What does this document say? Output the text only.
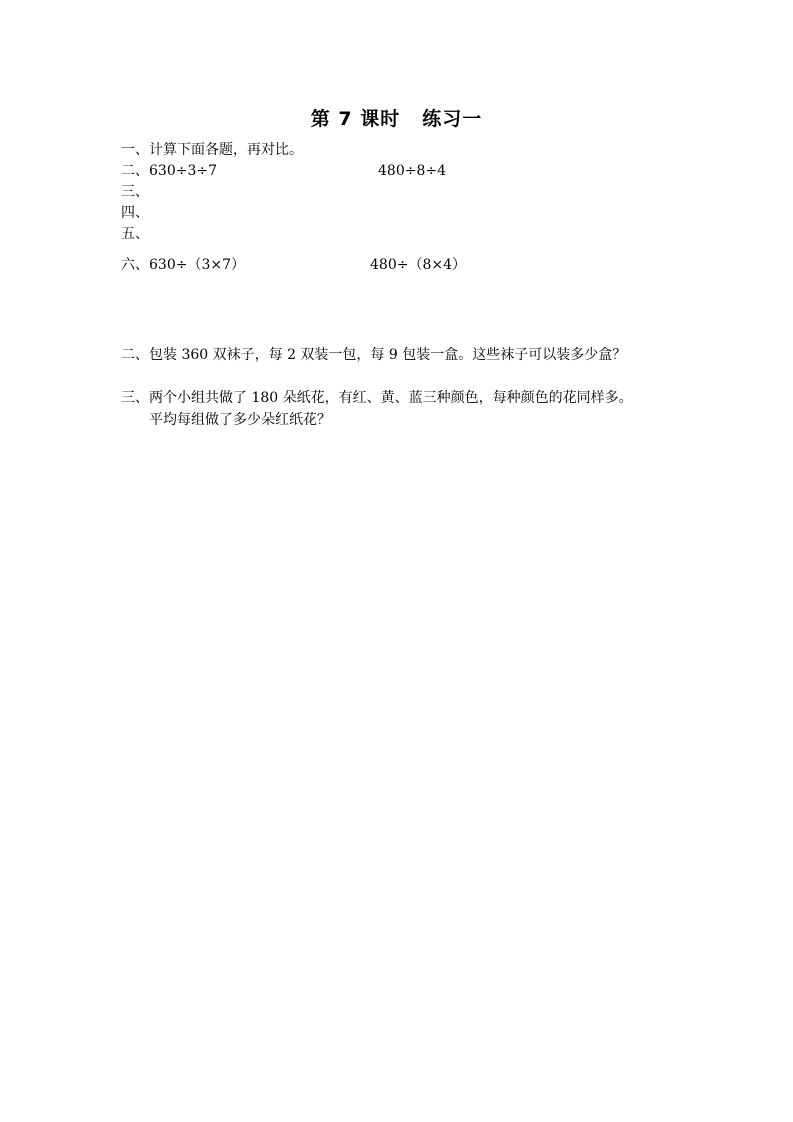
第 7 课时 练习一
一、计算下面各题，再对比。
二、630÷3÷7	480÷8÷4
三、
四、
五、
六、630÷（3×7）	480÷（8×4）
二、包装 360 双袜子，每 2 双装一包，每 9 包装一盒。这些袜子可以装多少盒？
三、两个小组共做了 180 朵纸花，有红、黄、蓝三种颜色，每种颜色的花同样多。
平均每组做了多少朵红纸花？
